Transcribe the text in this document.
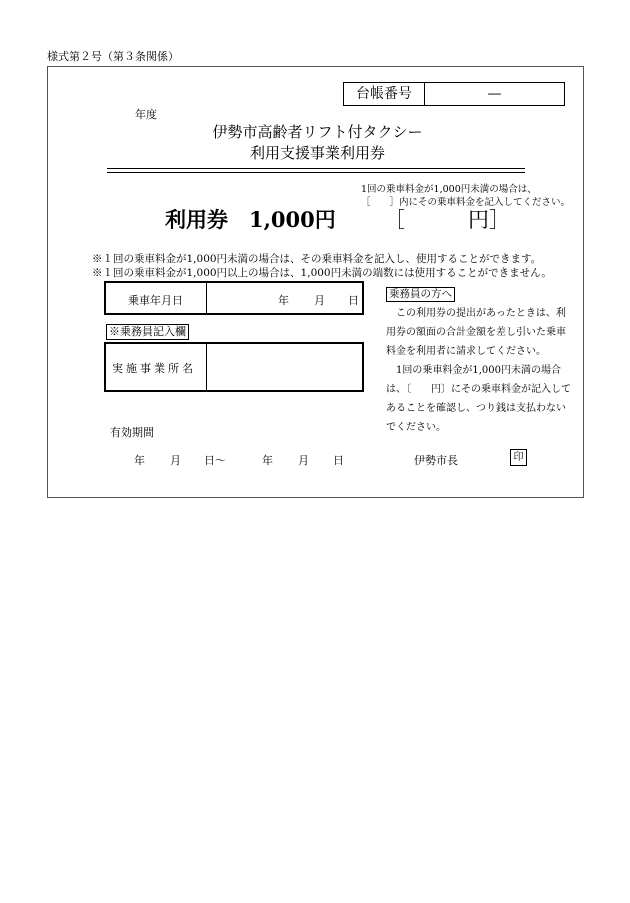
様式第２号（第３条関係）
台帳番号	—
年度
伊勢市高齢者リフト付タクシー
利用支援事業利用券
1回の乗車料金が1,000円未満の場合は、
［　　］内にその乗車料金を記入してください。
利用券　1,000円 ［　　　円］
※１回の乗車料金が1,000円未満の場合は、その乗車料金を記入し、使用することができます。
※１回の乗車料金が1,000円以上の場合は、1,000円未満の端数には使用することができません。
乗車年月日	年 月 日
※乗務員記入欄
実施事業所名
乗務員の方へ

この利用券の提出があったときは、利用券の額面の合計金額を差し引いた乗車料金を利用者に請求してください。

1回の乗車料金が1,000円未満の場合は、〔　　円〕にその乗車料金が記入してあることを確認し、つり銭は支払わないでください。

有効期間
年 月 日〜	年 月 日	伊勢市長	印
